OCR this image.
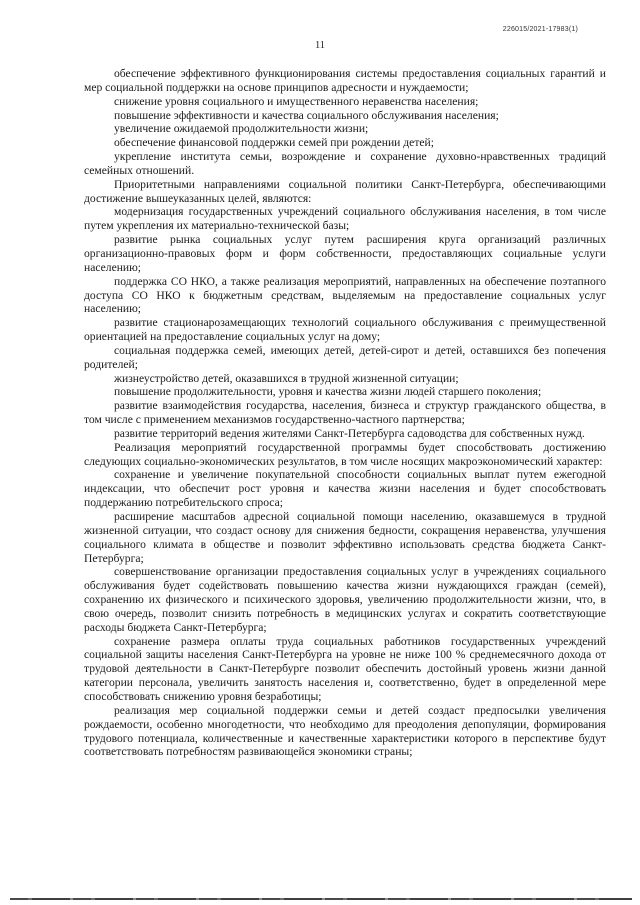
226015/2021-17983(1)
11

обеспечение эффективного функционирования системы предоставления социальных гарантий и мер социальной поддержки на основе принципов адресности и нуждаемости;

снижение уровня социального и имущественного неравенства населения;

повышение эффективности и качества социального обслуживания населения;

увеличение ожидаемой продолжительности жизни;

обеспечение финансовой поддержки семей при рождении детей;

укрепление института семьи, возрождение и сохранение духовно-нравственных традиций семейных отношений.

Приоритетными направлениями социальной политики Санкт-Петербурга, обеспечивающими достижение вышеуказанных целей, являются:

модернизация государственных учреждений социального обслуживания населения, в том числе путем укрепления их материально-технической базы;

развитие рынка социальных услуг путем расширения круга организаций различных организационно-правовых форм и форм собственности, предоставляющих социальные услуги населению;

поддержка СО НКО, а также реализация мероприятий, направленных на обеспечение поэтапного доступа СО НКО к бюджетным средствам, выделяемым на предоставление социальных услуг населению;

развитие стационарозамещающих технологий социального обслуживания с преимущественной ориентацией на предоставление социальных услуг на дому;

социальная поддержка семей, имеющих детей, детей-сирот и детей, оставшихся без попечения родителей;

жизнеустройство детей, оказавшихся в трудной жизненной ситуации;

повышение продолжительности, уровня и качества жизни людей старшего поколения;

развитие взаимодействия государства, населения, бизнеса и структур гражданского общества, в том числе с применением механизмов государственно-частного партнерства;

развитие территорий ведения жителями Санкт-Петербурга садоводства для собственных нужд.

Реализация мероприятий государственной программы будет способствовать достижению следующих социально-экономических результатов, в том числе носящих макроэкономический характер:

сохранение и увеличение покупательной способности социальных выплат путем ежегодной индексации, что обеспечит рост уровня и качества жизни населения и будет способствовать поддержанию потребительского спроса;

расширение масштабов адресной социальной помощи населению, оказавшемуся в трудной жизненной ситуации, что создаст основу для снижения бедности, сокращения неравенства, улучшения социального климата в обществе и позволит эффективно использовать средства бюджета Санкт-Петербурга;

совершенствование организации предоставления социальных услуг в учреждениях социального обслуживания будет содействовать повышению качества жизни нуждающихся граждан (семей), сохранению их физического и психического здоровья, увеличению продолжительности жизни, что, в свою очередь, позволит снизить потребность в медицинских услугах и сократить соответствующие расходы бюджета Санкт-Петербурга;

сохранение размера оплаты труда социальных работников государственных учреждений социальной защиты населения Санкт-Петербурга на уровне не ниже 100 % среднемесячного дохода от трудовой деятельности в Санкт-Петербурге позволит обеспечить достойный уровень жизни данной категории персонала, увеличить занятость населения и, соответственно, будет в определенной мере способствовать снижению уровня безработицы;

реализация мер социальной поддержки семьи и детей создаст предпосылки увеличения рождаемости, особенно многодетности, что необходимо для преодоления депопуляции, формирования трудового потенциала, количественные и качественные характеристики которого в перспективе будут соответствовать потребностям развивающейся экономики страны;
